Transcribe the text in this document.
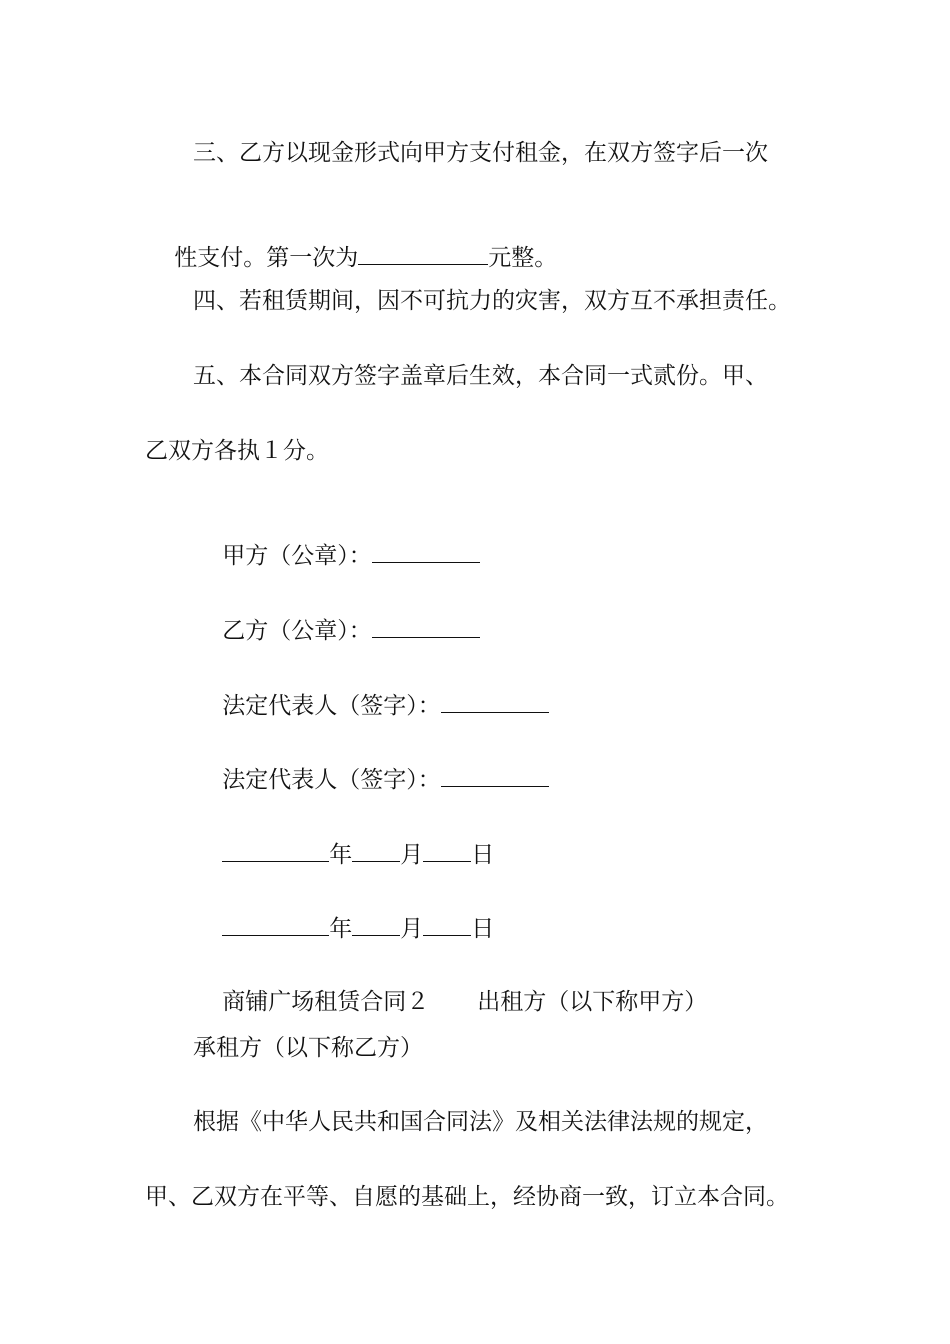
三、乙方以现金形式向甲方支付租金，在双方签字后一次

性支付。第一次为	元整。

四、若租赁期间，因不可抗力的灾害，双方互不承担责任。
五、本合同双方签字盖章后生效，本合同一式贰份。甲、
乙双方各执１分。

甲方（公章）：

乙方（公章）：

法定代表人（签字）：

法定代表人（签字）：

年 月 日

年 月 日

商铺广场租赁合同２ 出租方（以下称甲方）

承租方（以下称乙方）
根据《中华人民共和国合同法》及相关法律法规的规定，
甲、乙双方在平等、自愿的基础上，经协商一致，订立本合同。
